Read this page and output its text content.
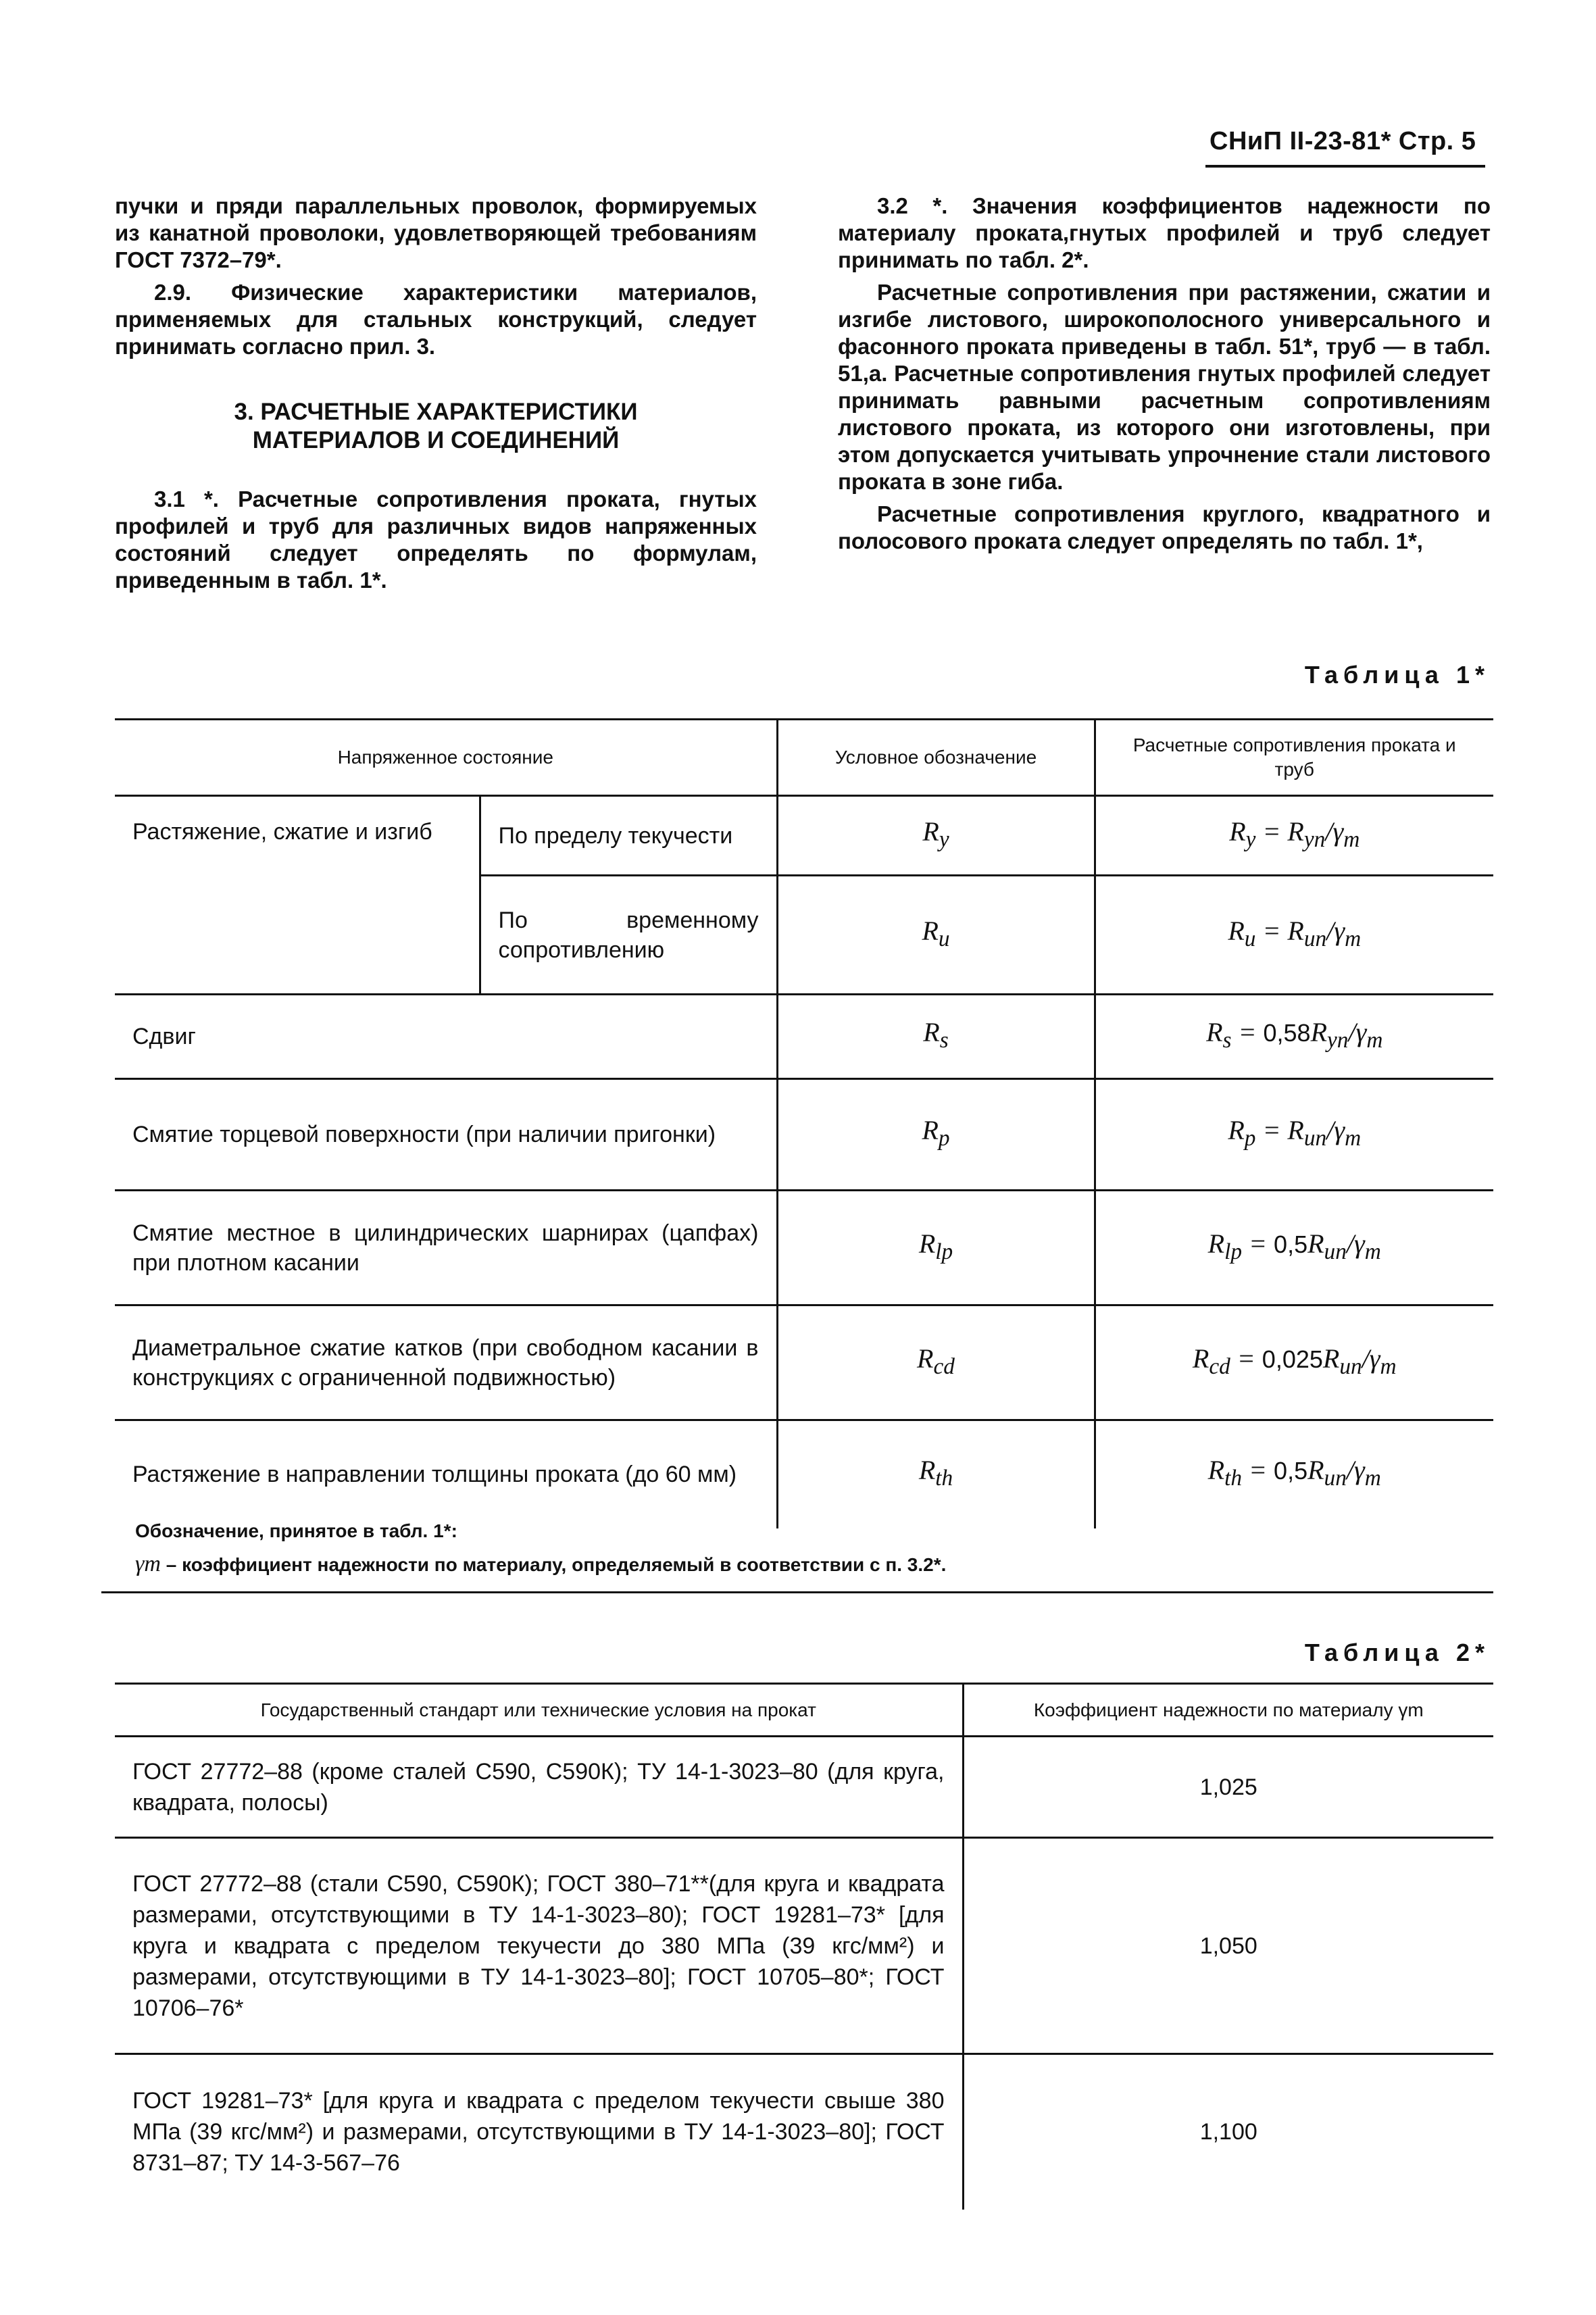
СНиП II-23-81* Стр. 5

пучки и пряди параллельных проволок, формируемых из канатной проволоки, удовлетворяющей требованиям ГОСТ 7372–79*.

2.9. Физические характеристики материалов, применяемых для стальных конструкций, следует принимать согласно прил. 3.

3. РАСЧЕТНЫЕ ХАРАКТЕРИСТИКИ
МАТЕРИАЛОВ И СОЕДИНЕНИЙ

3.1 *. Расчетные сопротивления проката, гнутых профилей и труб для различных видов напряженных состояний следует определять по формулам, приведенным в табл. 1*.

3.2 *. Значения коэффициентов надежности по материалу проката,гнутых профилей и труб следует принимать по табл. 2*.

Расчетные сопротивления при растяжении, сжатии и изгибе листового, широкополосного универсального и фасонного проката приведены в табл. 51*, труб — в табл. 51,а. Расчетные сопротивления гнутых профилей следует принимать равными расчетным сопротивлениям листового проката, из которого они изготовлены, при этом допускается учитывать упрочнение стали листового проката в зоне гиба.

Расчетные сопротивления круглого, квадратного и полосового проката следует определять по табл. 1*,

Таблица 1*
Напряженное состояние		Условное обозначение	Расчетные сопротивления проката и труб
Растяжение, сжатие и изгиб	По пределу текучести	$R_y$	$R_y = R_{yn}/\gamma_m$
	По временному сопротивлению	$R_u$	$R_u = R_{un}/\gamma_m$
Сдвиг		$R_s$	$R_s = 0,58R_{yn}/\gamma_m$
Смятие торцевой поверхности (при наличии пригонки)		$R_p$	$R_p = R_{un}/\gamma_m$
Смятие местное в цилиндрических шарнирах (цапфах) при плотном касании		$R_{lp}$	$R_{lp} = 0,5R_{un}/\gamma_m$
Диаметральное сжатие катков (при свободном касании в конструкциях с ограниченной подвижностью)		$R_{cd}$	$R_{cd} = 0,025R_{un}/\gamma_m$
Растяжение в направлении толщины проката (до 60 мм)		$R_{th}$	$R_{th} = 0,5R_{un}/\gamma_m$
Обозначение, принятое в табл. 1*:
γm – коэффициент надежности по материалу, определяемый в соответствии с п. 3.2*.
Таблица 2*
Государственный стандарт или технические условия на прокат	Коэффициент надежности по материалу γm
ГОСТ 27772–88 (кроме сталей С590, С590К); ТУ 14-1-3023–80 (для круга, квадрата, полосы)	1,025
ГОСТ 27772–88 (стали С590, С590К); ГОСТ 380–71**(для круга и квадрата размерами, отсутствующими в ТУ 14-1-3023–80); ГОСТ 19281–73* [для круга и квадрата с пределом текучести до 380 МПа (39 кгс/мм²) и размерами, отсутствующими в ТУ 14-1-3023–80]; ГОСТ 10705–80*; ГОСТ 10706–76*	1,050
ГОСТ 19281–73* [для круга и квадрата с пределом текучести свыше 380 МПа (39 кгс/мм²) и размерами, отсутствующими в ТУ 14-1-3023–80]; ГОСТ 8731–87; ТУ 14-3-567–76	1,100
